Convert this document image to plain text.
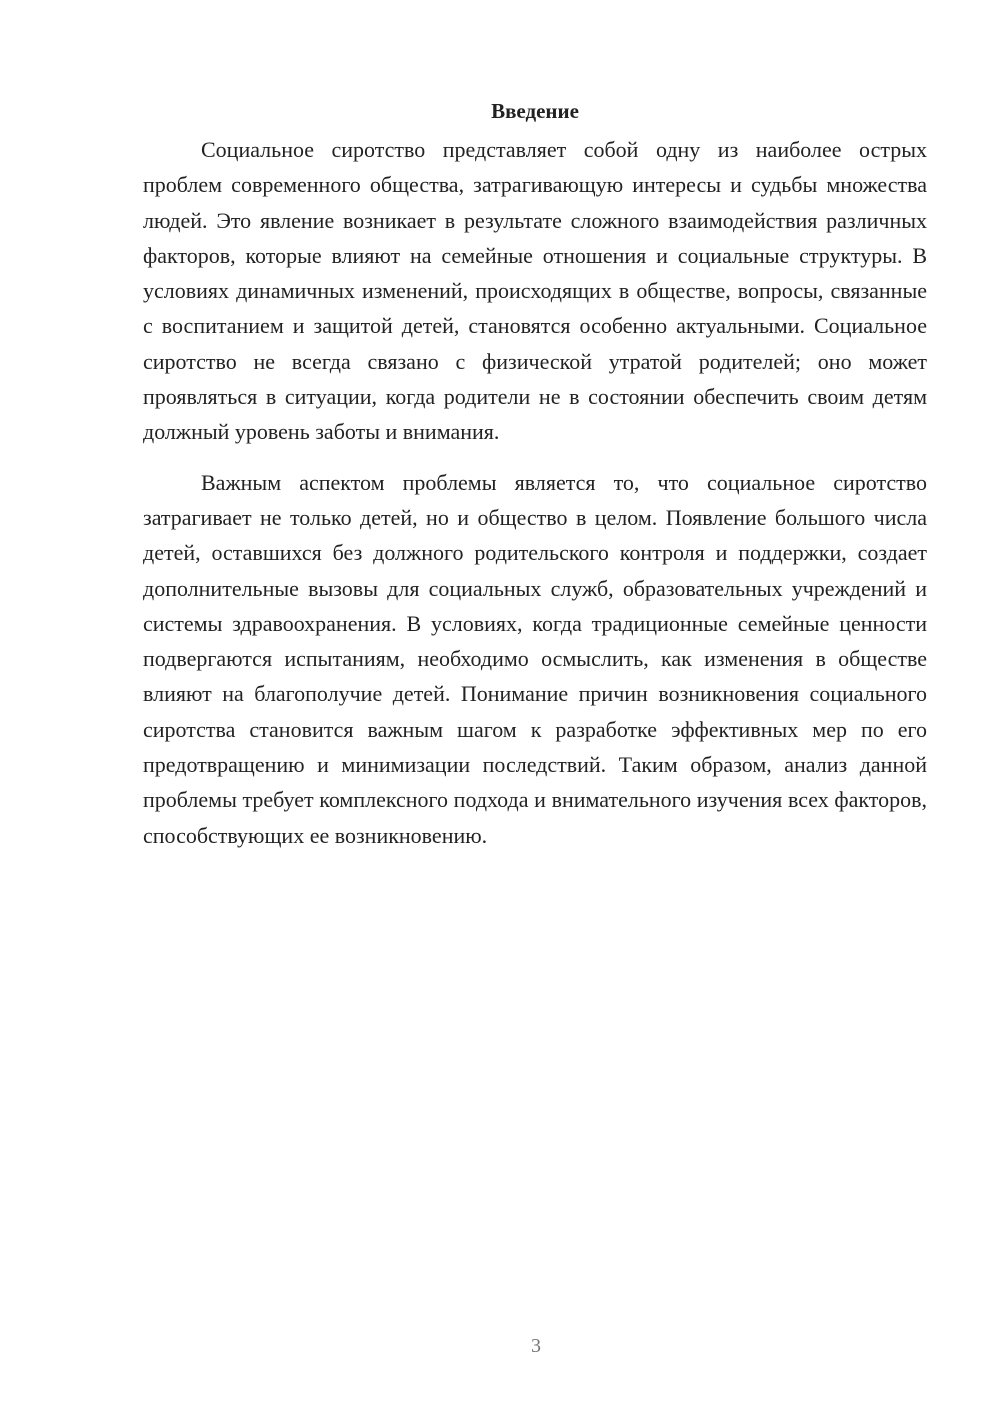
Введение

Социальное сиротство представляет собой одну из наиболее острых проблем современного общества, затрагивающую интересы и судьбы множества людей. Это явление возникает в результате сложного взаимодействия различных факторов, которые влияют на семейные отношения и социальные структуры. В условиях динамичных изменений, происходящих в обществе, вопросы, связанные с воспитанием и защитой детей, становятся особенно актуальными. Социальное сиротство не всегда связано с физической утратой родителей; оно может проявляться в ситуации, когда родители не в состоянии обеспечить своим детям должный уровень заботы и внимания.

Важным аспектом проблемы является то, что социальное сиротство затрагивает не только детей, но и общество в целом. Появление большого числа детей, оставшихся без должного родительского контроля и поддержки, создает дополнительные вызовы для социальных служб, образовательных учреждений и системы здравоохранения. В условиях, когда традиционные семейные ценности подвергаются испытаниям, необходимо осмыслить, как изменения в обществе влияют на благополучие детей. Понимание причин возникновения социального сиротства становится важным шагом к разработке эффективных мер по его предотвращению и минимизации последствий. Таким образом, анализ данной проблемы требует комплексного подхода и внимательного изучения всех факторов, способствующих ее возникновению.

3
